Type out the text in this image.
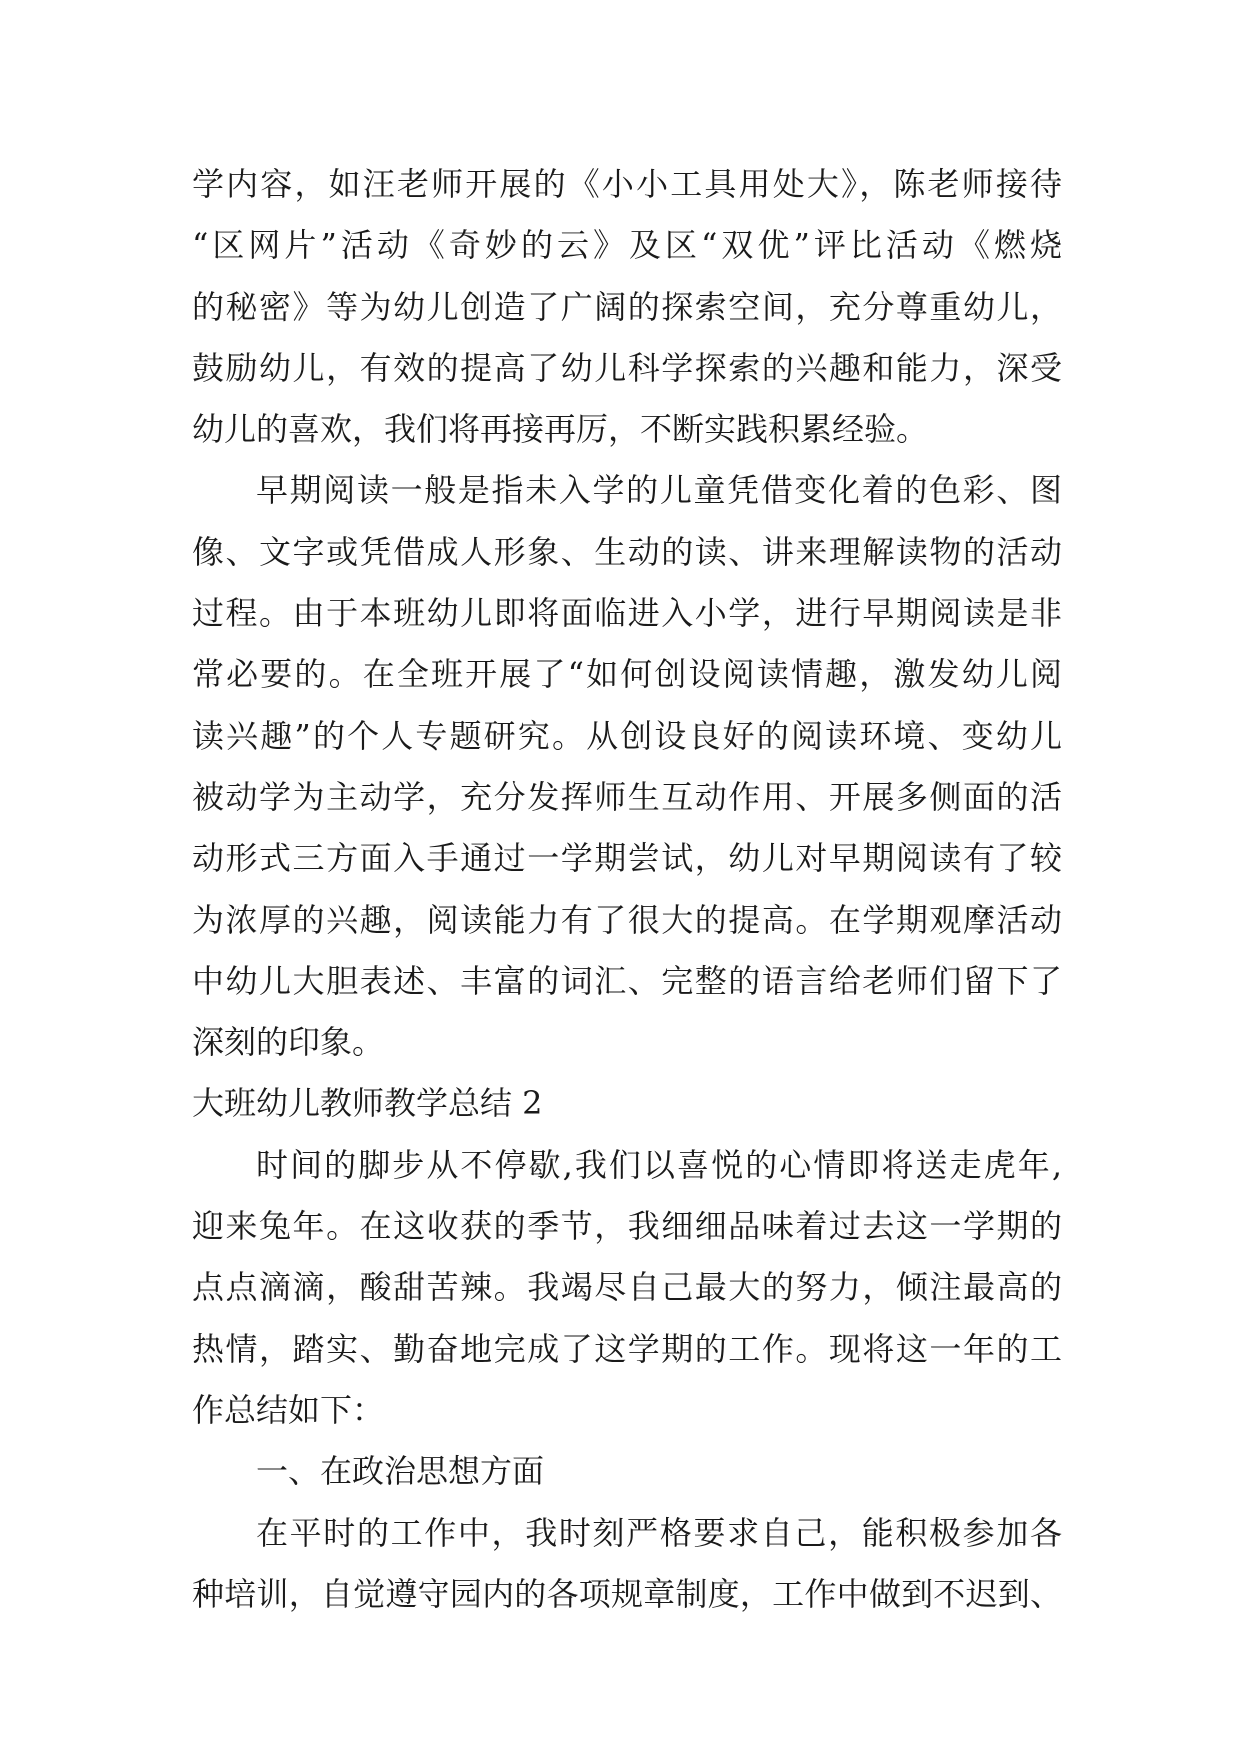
学内容，如汪老师开展的《小小工具用处大》，陈老师接待
“区网片”活动《奇妙的云》及区“双优”评比活动《燃烧
的秘密》等为幼儿创造了广阔的探索空间，充分尊重幼儿，
鼓励幼儿，有效的提高了幼儿科学探索的兴趣和能力，深受
幼儿的喜欢，我们将再接再厉，不断实践积累经验。
早期阅读一般是指未入学的儿童凭借变化着的色彩、图
像、文字或凭借成人形象、生动的读、讲来理解读物的活动
过程。由于本班幼儿即将面临进入小学，进行早期阅读是非
常必要的。在全班开展了“如何创设阅读情趣，激发幼儿阅
读兴趣”的个人专题研究。从创设良好的阅读环境、变幼儿
被动学为主动学，充分发挥师生互动作用、开展多侧面的活
动形式三方面入手通过一学期尝试，幼儿对早期阅读有了较
为浓厚的兴趣，阅读能力有了很大的提高。在学期观摩活动
中幼儿大胆表述、丰富的词汇、完整的语言给老师们留下了
深刻的印象。
大班幼儿教师教学总结 2
时间的脚步从不停歇,我们以喜悦的心情即将送走虎年,
迎来兔年。在这收获的季节，我细细品味着过去这一学期的
点点滴滴，酸甜苦辣。我竭尽自己最大的努力，倾注最高的
热情，踏实、勤奋地完成了这学期的工作。现将这一年的工
作总结如下：
一、在政治思想方面
在平时的工作中，我时刻严格要求自己，能积极参加各
种培训，自觉遵守园内的各项规章制度，工作中做到不迟到、
